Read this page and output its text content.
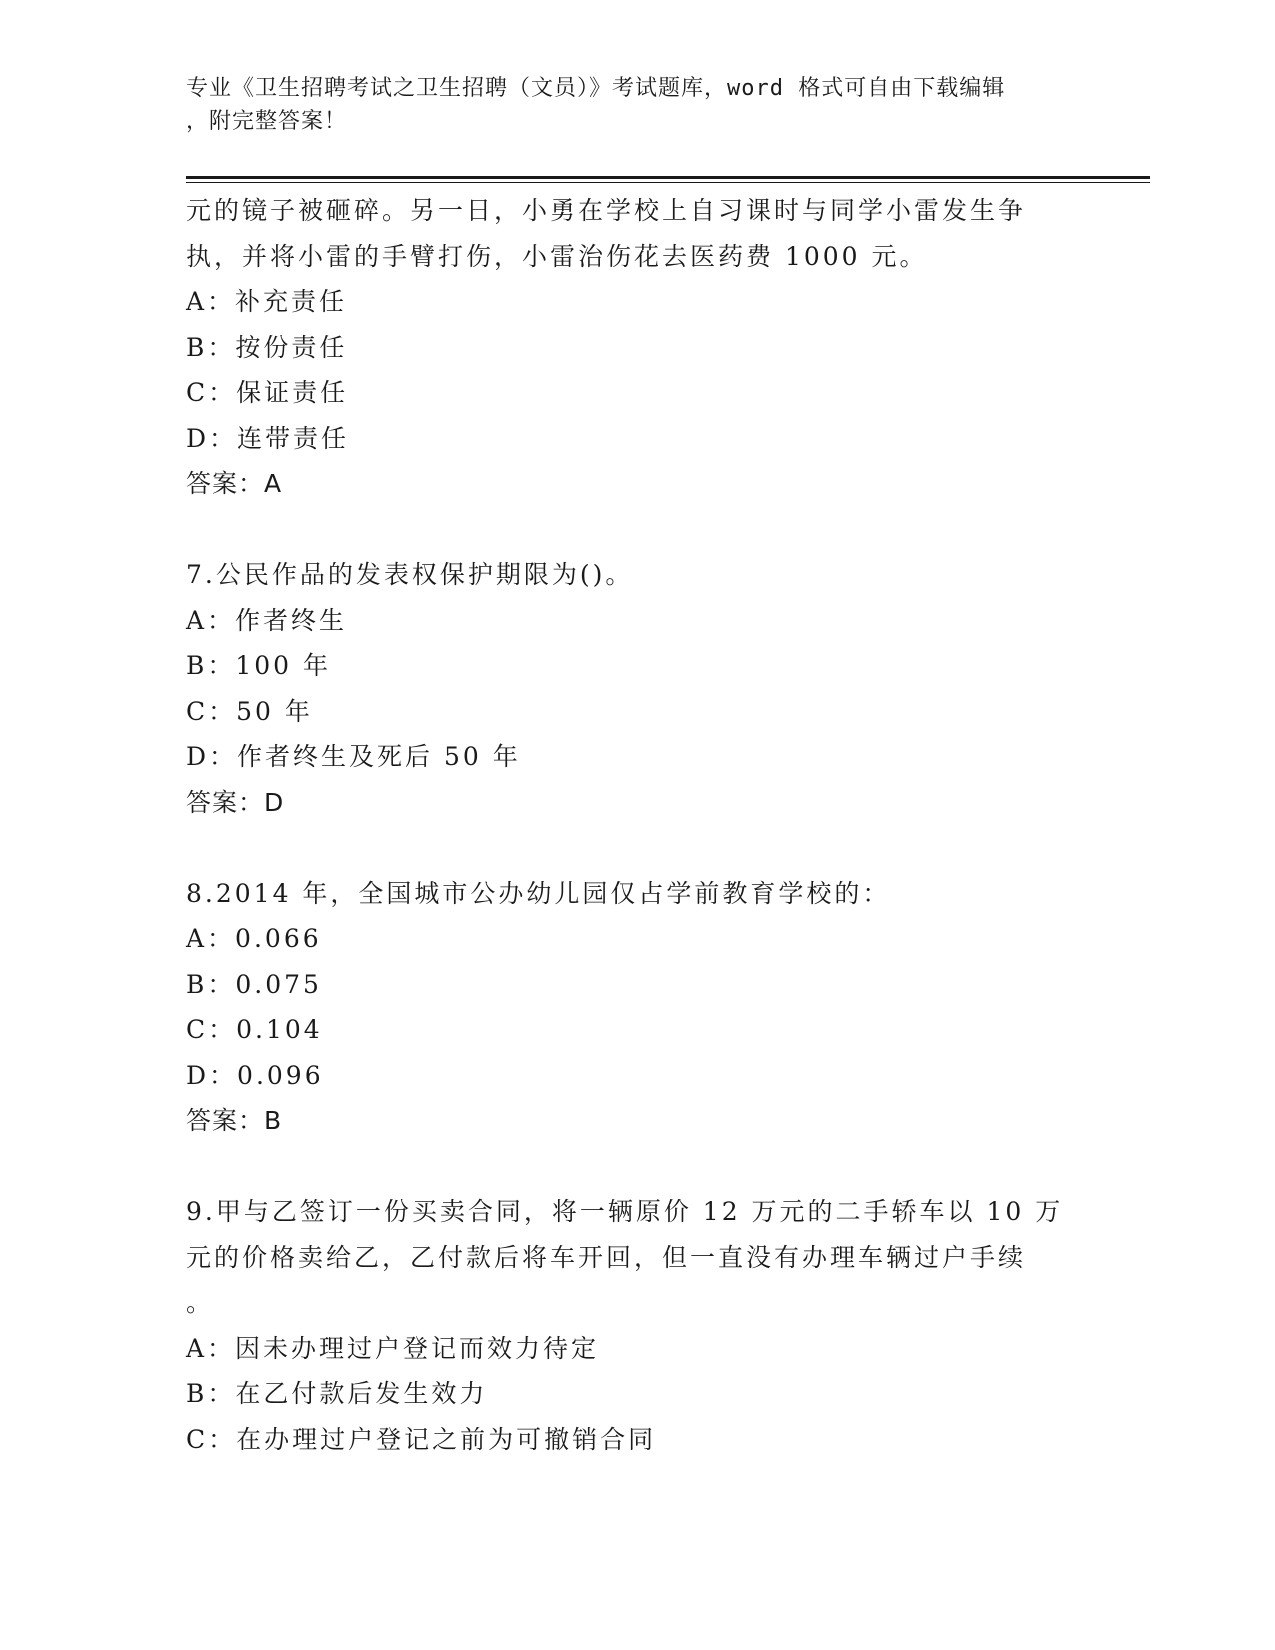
专业《卫生招聘考试之卫生招聘（文员）》考试题库，word 格式可自由下载编辑
，附完整答案！
元的镜子被砸碎。另一日，小勇在学校上自习课时与同学小雷发生争
执，并将小雷的手臂打伤，小雷治伤花去医药费 1000 元。
A：补充责任
B：按份责任
C：保证责任
D：连带责任
答案：A
7.公民作品的发表权保护期限为()。
A：作者终生
B：100 年
C：50 年
D：作者终生及死后 50 年
答案：D
8.2014 年，全国城市公办幼儿园仅占学前教育学校的：
A：0.066
B：0.075
C：0.104
D：0.096
答案：B
9.甲与乙签订一份买卖合同，将一辆原价 12 万元的二手轿车以 10 万
元的价格卖给乙，乙付款后将车开回，但一直没有办理车辆过户手续
。
A：因未办理过户登记而效力待定
B：在乙付款后发生效力
C：在办理过户登记之前为可撤销合同
